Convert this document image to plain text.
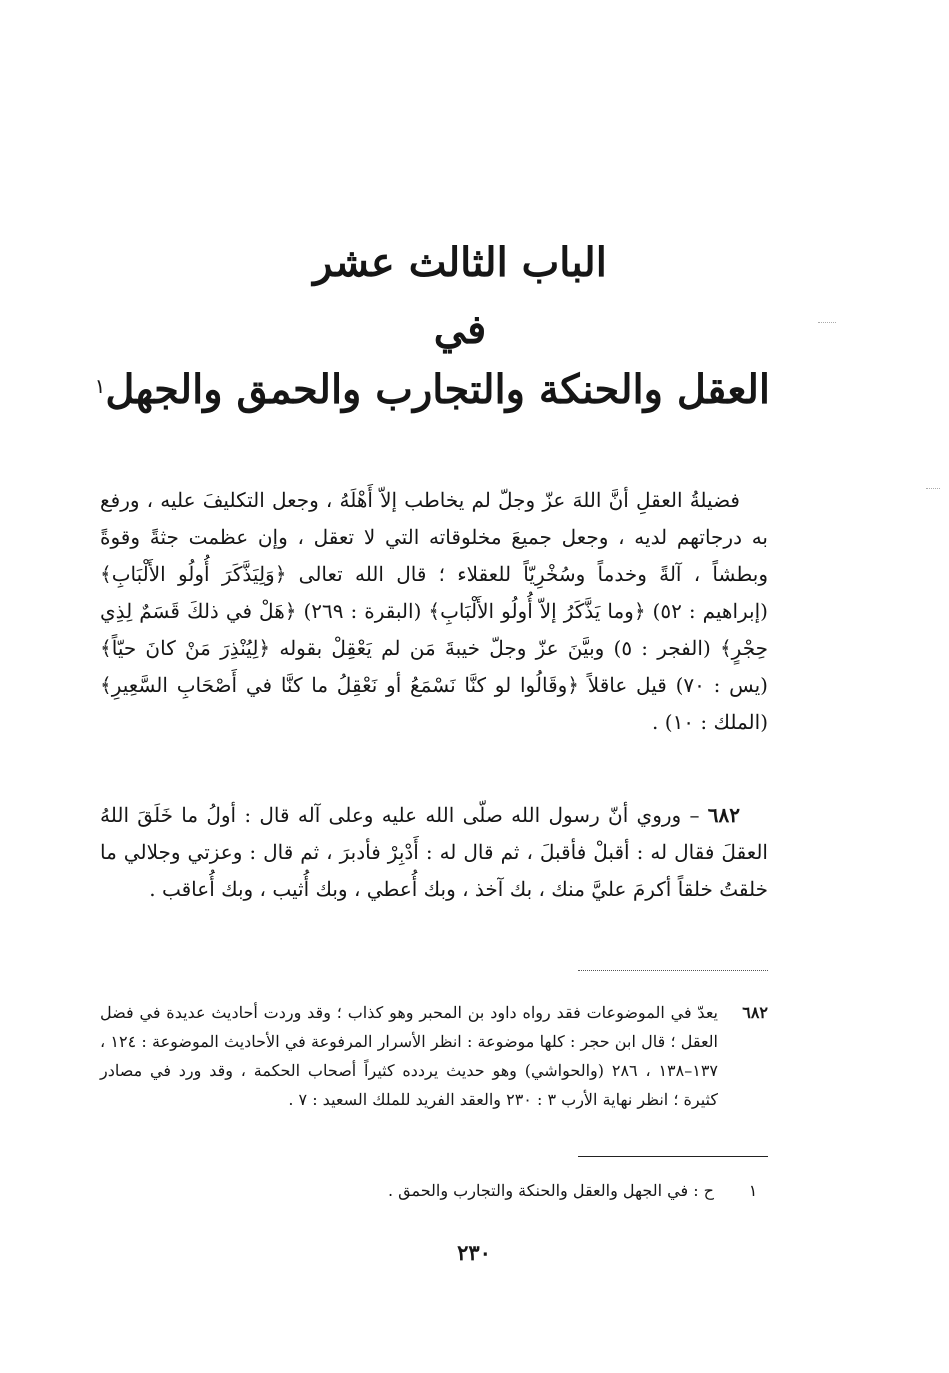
الباب الثالث عشر
في
العقل والحنكة والتجارب والحمق والجهل$^١$

فضيلةُ العقلِ أنَّ اللهَ عزّ وجلّ لم يخاطب إلاّ أَهْلَهُ ، وجعل التكليفَ عليه ، ورفع به درجاتهم لديه ، وجعل جميعَ مخلوقاته التي لا تعقل ، وإن عظمت جثةً وقوةً وبطشاً ، آلةً وخدماً وسُخْرِيّاً للعقلاء ؛ قال الله تعالى ﴿وَلِيَذَّكَرَ أُولُو الأَلْبَابِ﴾ (إبراهيم : ٥٢) ﴿وما يَذَّكَرُ إلاّ أُولُو الأَلْبَابِ﴾ (البقرة : ٢٦٩) ﴿هَلْ في ذلكَ قَسَمٌ لِذِي حِجْرٍ﴾ (الفجر : ٥) وبيَّنَ عزّ وجلّ خيبةَ مَن لم يَعْقِلْ بقوله ﴿لِيُنْذِرَ مَنْ كانَ حيّاً﴾ (يس : ٧٠) قيل عاقلاً ﴿وقَالُوا لو كنَّا نَسْمَعُ أو نَعْقِلُ ما كنَّا في أَصْحَابِ السَّعِيرِ﴾ (الملك : ١٠) .

٦٨٢ – وروي أنّ رسول الله صلّى الله عليه وعلى آله قال : أولُ ما خَلَقَ اللهُ العقلَ فقال له : أقبلْ فأقبلَ ، ثم قال له : أَدْبِرْ فأدبرَ ، ثم قال : وعزتي وجلالي ما خلقتُ خلقاً أكرمَ عليَّ منك ، بك آخذ ، وبك أُعطي ، وبك أُثيب ، وبك أُعاقب .

٦٨٢
يعدّ في الموضوعات فقد رواه داود بن المحبر وهو كذاب ؛ وقد وردت أحاديث عديدة في فضل العقل ؛ قال ابن حجر : كلها موضوعة : انظر الأسرار المرفوعة في الأحاديث الموضوعة : ١٢٤ ، ١٣٧–١٣٨ ، ٢٨٦ (والحواشي) وهو حديث يردده كثيراً أصحاب الحكمة ، وقد ورد في مصادر كثيرة ؛ انظر نهاية الأرب ٣ : ٢٣٠ والعقد الفريد للملك السعيد : ٧ .
١
ح : في الجهل والعقل والحنكة والتجارب والحمق .
٢٣٠
